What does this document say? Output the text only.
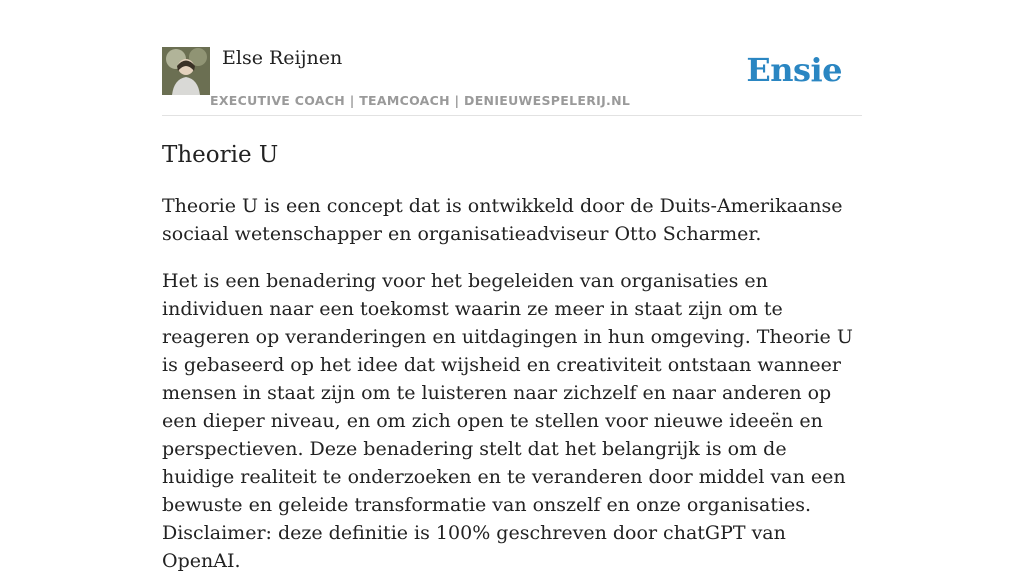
Else Reijnen
EXECUTIVE COACH | TEAMCOACH | DENIEUWESPELERIJ.NL
Ensie
Theorie U

Theorie U is een concept dat is ontwikkeld door de Duits-Amerikaanse sociaal wetenschapper en organisatieadviseur Otto Scharmer.

Het is een benadering voor het begeleiden van organisaties en individuen naar een toekomst waarin ze meer in staat zijn om te reageren op veranderingen en uitdagingen in hun omgeving. Theorie U is gebaseerd op het idee dat wijsheid en creativiteit ontstaan wanneer mensen in staat zijn om te luisteren naar zichzelf en naar anderen op een dieper niveau, en om zich open te stellen voor nieuwe ideeën en perspectieven. Deze benadering stelt dat het belangrijk is om de huidige realiteit te onderzoeken en te veranderen door middel van een bewuste en geleide transformatie van onszelf en onze organisaties.

Disclaimer: deze definitie is 100% geschreven door chatGPT van OpenAI.
